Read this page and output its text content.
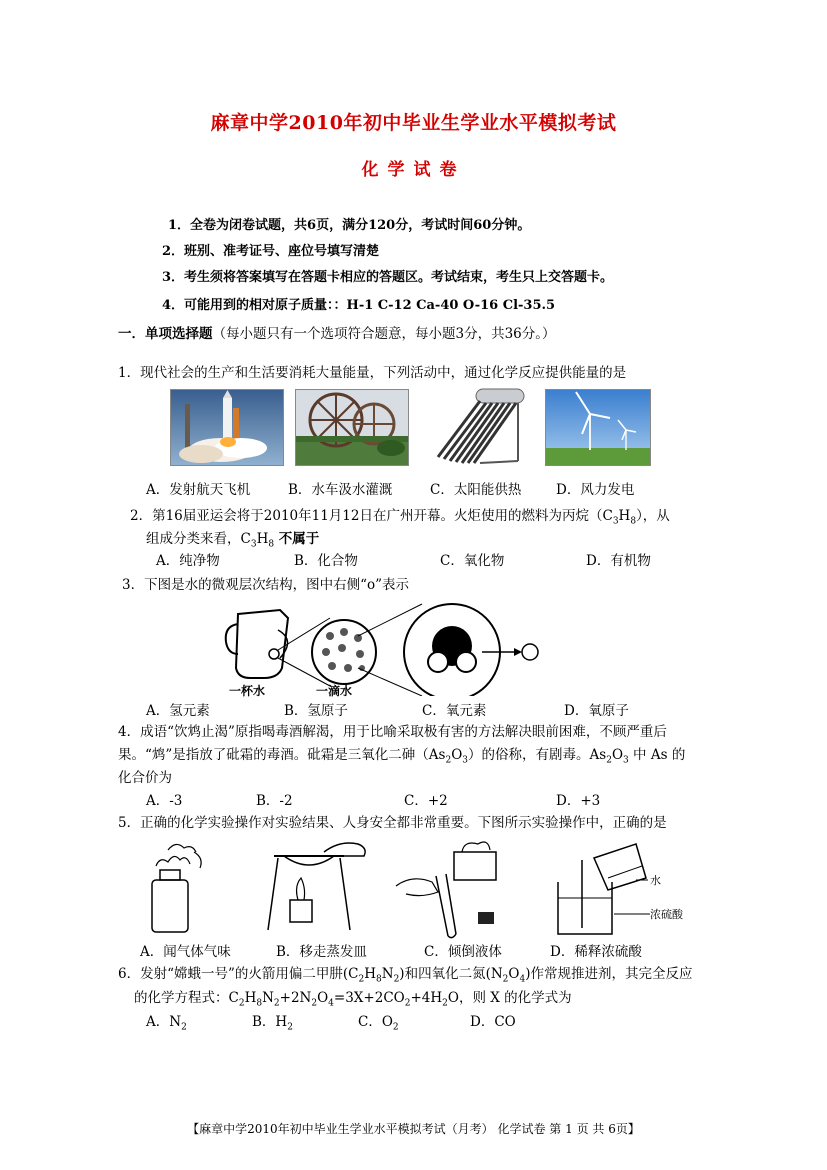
麻章中学2010年初中毕业生学业水平模拟考试
化学试卷
1．全卷为闭卷试题，共6页，满分120分，考试时间60分钟。
2．班别、准考证号、座位号填写清楚
3．考生须将答案填写在答题卡相应的答题区。考试结束，考生只上交答题卡。
4．可能用到的相对原子质量：：H-1 C-12 Ca-40 O-16 Cl-35.5
一．单项选择题（每小题只有一个选项符合题意，每小题3分，共36分。）
1．现代社会的生产和生活要消耗大量能量，下列活动中，通过化学反应提供能量的是
A．发射航天飞机	B．水车汲水灌溉	C．太阳能供热	D．风力发电
2．第16届亚运会将于2010年11月12日在广州开幕。火炬使用的燃料为丙烷$(C_3H_8)$，从
组成分类来看，$C_3H_8$ 不属于
A．纯净物	B．化合物	C．氧化物	D．有机物
3．下图是水的微观层次结构，图中右侧“o”表示
一杯水	一滴水
A．氢元素	B．氢原子	C．氧元素	D．氧原子
4．成语“饮鸩止渴”原指喝毒酒解渴，用于比喻采取极有害的方法解决眼前困难，不顾严重后
果。“鸩”是指放了砒霜的毒酒。砒霜是三氧化二砷$(As_2O_3)$的俗称，有剧毒。$As_2O_3$ 中 As 的
化合价为
A．-3	B．-2	C．+2	D．+3
5．正确的化学实验操作对实验结果、人身安全都非常重要。下图所示实验操作中，正确的是
水
浓硫酸
A．闻气体气味	B．移走蒸发皿	C．倾倒液体	D．稀释浓硫酸
6．发射“嫦蛾一号”的火箭用偏二甲肼$(C_2H_8N_2)$和四氧化二氮$(N_2O_4)$作常规推进剂，其完全反应
的化学方程式：$C_2H_8N_2+2N_2O_4=3X+2CO_2+4H_2O$，则 X 的化学式为
A．$N_2$	B．$H_2$	C．$O_2$	D．CO
【麻章中学2010年初中毕业生学业水平模拟考试（月考） 化学试卷 第 1 页 共 6页】
